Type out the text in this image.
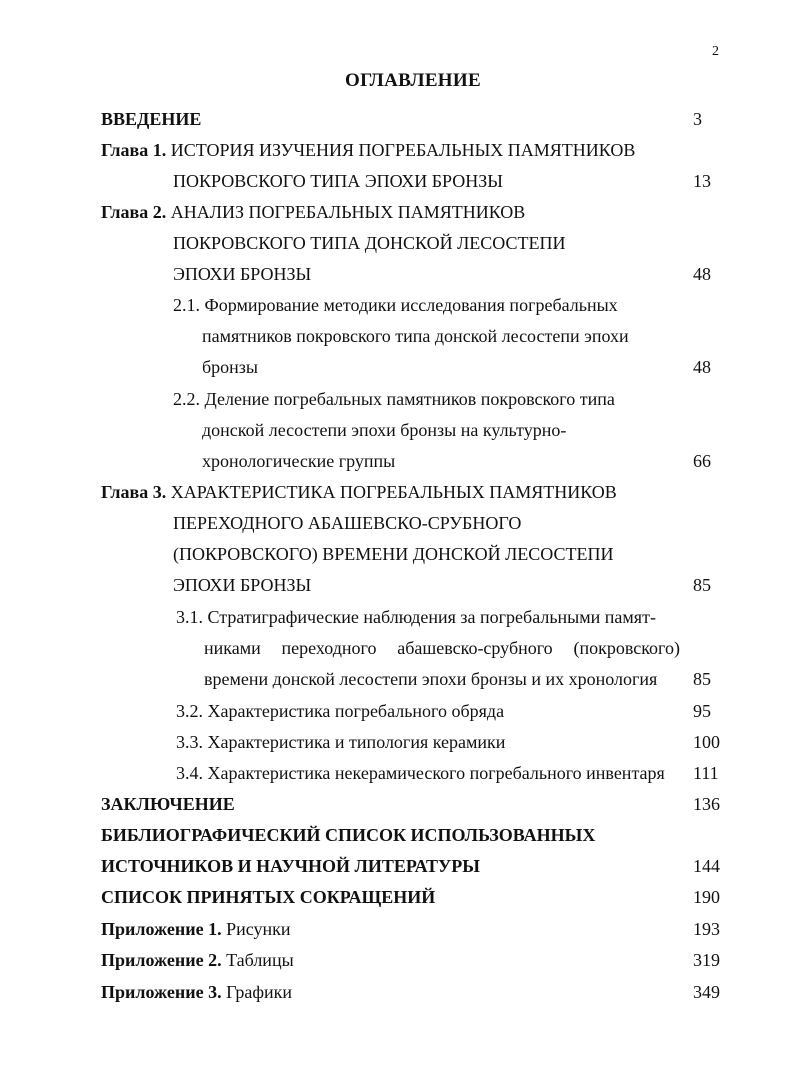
2
ОГЛАВЛЕНИЕ
ВВЕДЕНИЕ	3
Глава 1. ИСТОРИЯ ИЗУЧЕНИЯ ПОГРЕБАЛЬНЫХ ПАМЯТНИКОВ
ПОКРОВСКОГО ТИПА ЭПОХИ БРОНЗЫ	13
Глава 2. АНАЛИЗ ПОГРЕБАЛЬНЫХ ПАМЯТНИКОВ
ПОКРОВСКОГО ТИПА ДОНСКОЙ ЛЕСОСТЕПИ
ЭПОХИ БРОНЗЫ	48
2.1. Формирование методики исследования погребальных
памятников покровского типа донской лесостепи эпохи
бронзы	48
2.2. Деление погребальных памятников покровского типа
донской лесостепи эпохи бронзы на культурно-
хронологические группы	66
Глава 3. ХАРАКТЕРИСТИКА ПОГРЕБАЛЬНЫХ ПАМЯТНИКОВ
ПЕРЕХОДНОГО АБАШЕВСКО-СРУБНОГО
(ПОКРОВСКОГО) ВРЕМЕНИ ДОНСКОЙ ЛЕСОСТЕПИ
ЭПОХИ БРОНЗЫ	85
3.1. Стратиграфические наблюдения за погребальными памят-
никами переходного абашевско-срубного (покровского)
времени донской лесостепи эпохи бронзы и их хронология 85
3.2. Характеристика погребального обряда	95
3.3. Характеристика и типология керамики	100
3.4. Характеристика некерамического погребального инвентаря 111
ЗАКЛЮЧЕНИЕ	136
БИБЛИОГРАФИЧЕСКИЙ СПИСОК ИСПОЛЬЗОВАННЫХ
ИСТОЧНИКОВ И НАУЧНОЙ ЛИТЕРАТУРЫ	144
СПИСОК ПРИНЯТЫХ СОКРАЩЕНИЙ	190
Приложение 1. Рисунки	193
Приложение 2. Таблицы	319
Приложение 3. Графики	349
